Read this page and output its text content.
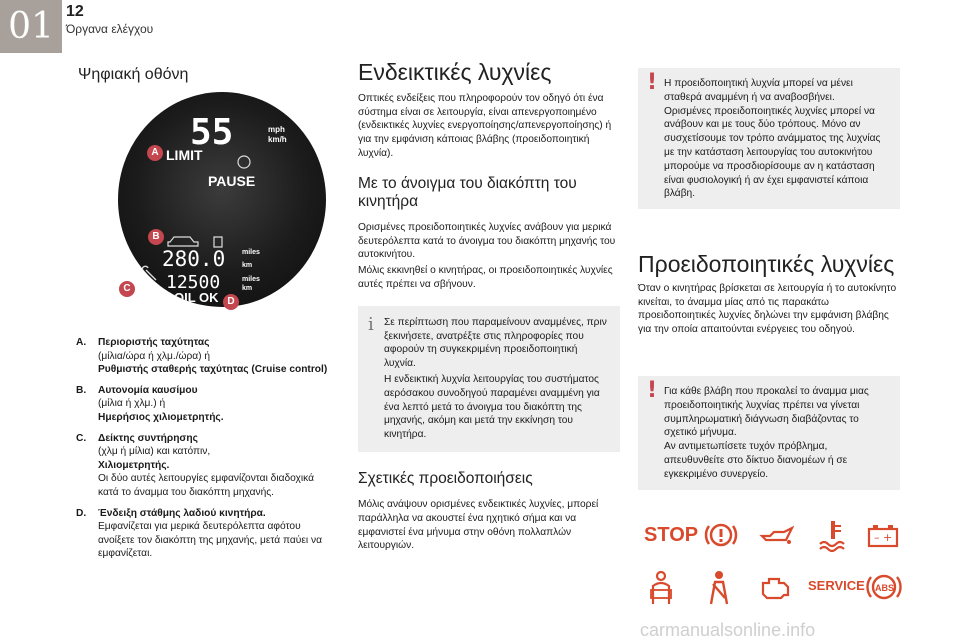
01 12
Όργανα ελέγχου
Ψηφιακή οθόνη
55	mph
km/h
LIMIT
PAUSE
280.0 miles
km
12500	miles
km
OIL OK
A
B
C
D
A. Περιοριστής ταχύτητας
(μίλια/ώρα ή χλμ./ώρα) ή
Ρυθμιστής σταθερής ταχύτητας (Cruise control)
B. Αυτονομία καυσίμου
(μίλια ή χλμ.) ή
Ημερήσιος χιλιομετρητής.
C. Δείκτης συντήρησης
(χλμ ή μίλια) και κατόπιν,
Χιλιομετρητής.
Οι δύο αυτές λειτουργίες εμφανίζονται διαδοχικά κατά το άναμμα του διακόπτη μηχανής.
D. Ένδειξη στάθμης λαδιού κινητήρα.
Εμφανίζεται για μερικά δευτερόλεπτα αφότου ανοίξετε τον διακόπτη της μηχανής, μετά παύει να εμφανίζεται.
Ενδεικτικές λυχνίες

Οπτικές ενδείξεις που πληροφορούν τον οδηγό ότι ένα σύστημα είναι σε λειτουργία, είναι απενεργοποιημένο (ενδεικτικές λυχνίες ενεργοποίησης/απενεργοποίησης) ή για την εμφάνιση κάποιας βλάβης (προειδοποιητική λυχνία).

Με το άνοιγμα του διακόπτη του κινητήρα

Ορισμένες προειδοποιητικές λυχνίες ανάβουν για μερικά δευτερόλεπτα κατά το άνοιγμα του διακόπτη μηχανής του αυτοκινήτου.

Μόλις εκκινηθεί ο κινητήρας, οι προειδοποιητικές λυχνίες αυτές πρέπει να σβήνουν.

i Σε περίπτωση που παραμείνουν αναμμένες, πριν ξεκινήσετε, ανατρέξτε στις πληροφορίες που αφορούν τη συγκεκριμένη προειδοποιητική λυχνία.

Η ενδεικτική λυχνία λειτουργίας του συστήματος αερόσακου συνοδηγού παραμένει αναμμένη για ένα λεπτό μετά το άνοιγμα του διακόπτη της μηχανής, ακόμη και μετά την εκκίνηση του κινητήρα.

Σχετικές προειδοποιήσεις

Μόλις ανάψουν ορισμένες ενδεικτικές λυχνίες, μπορεί παράλληλα να ακουστεί ένα ηχητικό σήμα και να εμφανιστεί ένα μήνυμα στην οθόνη πολλαπλών λειτουργιών.

! Η προειδοποιητική λυχνία μπορεί να μένει σταθερά αναμμένη ή να αναβοσβήνει.

Ορισμένες προειδοποιητικές λυχνίες μπορεί να ανάβουν και με τους δύο τρόπους. Μόνο αν συσχετίσουμε τον τρόπο ανάμματος της λυχνίας με την κατάσταση λειτουργίας του αυτοκινήτου μπορούμε να προσδιορίσουμε αν η κατάσταση είναι φυσιολογική ή αν έχει εμφανιστεί κάποια βλάβη.

Προειδοποιητικές λυχνίες

Όταν ο κινητήρας βρίσκεται σε λειτουργία ή το αυτοκίνητο κινείται, το άναμμα μίας από τις παρακάτω προειδοποιητικές λυχνίες δηλώνει την εμφάνιση βλάβης για την οποία απαιτούνται ενέργειες του οδηγού.

! Για κάθε βλάβη που προκαλεί το άναμμα μιας προειδοποιητικής λυχνίας πρέπει να γίνεται συμπληρωματική διάγνωση διαβάζοντας το σχετικό μήνυμα.

Αν αντιμετωπίσετε τυχόν πρόβλημα, απευθυνθείτε στο δίκτυο διανομέων ή σε εγκεκριμένο συνεργείο.

STOP	– +
SERVICE ABS
carmanualsonline.info
